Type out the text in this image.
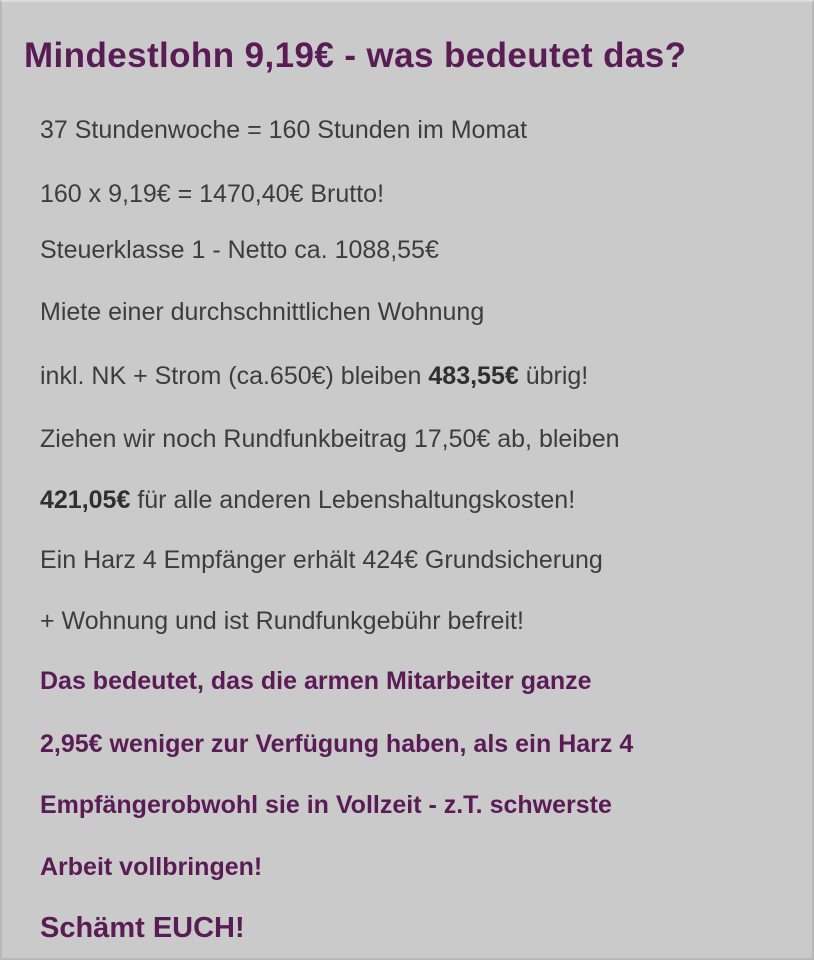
Mindestlohn 9,19€ - was bedeutet das?

37 Stundenwoche = 160 Stunden im Momat

160 x 9,19€ = 1470,40€ Brutto!

Steuerklasse 1 - Netto ca. 1088,55€

Miete einer durchschnittlichen Wohnung

inkl. NK + Strom (ca.650€) bleiben 483,55€ übrig!

Ziehen wir noch Rundfunkbeitrag 17,50€ ab, bleiben

421,05€ für alle anderen Lebenshaltungskosten!

Ein Harz 4 Empfänger erhält 424€ Grundsicherung

+ Wohnung und ist Rundfunkgebühr befreit!

Das bedeutet, das die armen Mitarbeiter ganze

2,95€ weniger zur Verfügung haben, als ein Harz 4

Empfängerobwohl sie in Vollzeit - z.T. schwerste

Arbeit vollbringen!

Schämt EUCH!
